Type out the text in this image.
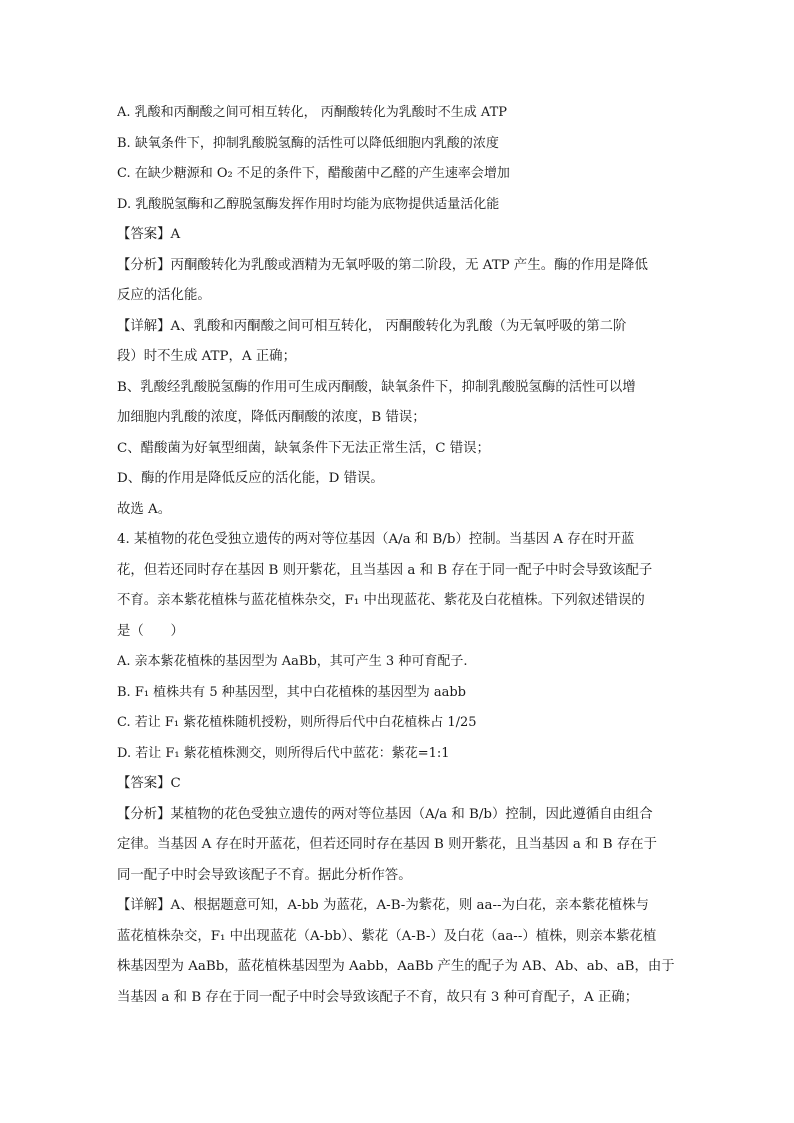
A. 乳酸和丙酮酸之间可相互转化， 丙酮酸转化为乳酸时不生成 ATP
B. 缺氧条件下，抑制乳酸脱氢酶的活性可以降低细胞内乳酸的浓度
C. 在缺少糖源和 O₂ 不足的条件下，醋酸菌中乙醛的产生速率会增加
D. 乳酸脱氢酶和乙醇脱氢酶发挥作用时均能为底物提供适量活化能
【答案】A
【分析】丙酮酸转化为乳酸或酒精为无氧呼吸的第二阶段，无 ATP 产生。酶的作用是降低
反应的活化能。
【详解】A、乳酸和丙酮酸之间可相互转化， 丙酮酸转化为乳酸（为无氧呼吸的第二阶
段）时不生成 ATP，A 正确；
B、乳酸经乳酸脱氢酶的作用可生成丙酮酸，缺氧条件下，抑制乳酸脱氢酶的活性可以增
加细胞内乳酸的浓度，降低丙酮酸的浓度，B 错误；
C、醋酸菌为好氧型细菌，缺氧条件下无法正常生活，C 错误；
D、酶的作用是降低反应的活化能，D 错误。
故选 A。
4. 某植物的花色受独立遗传的两对等位基因（A/a 和 B/b）控制。当基因 A 存在时开蓝
花，但若还同时存在基因 B 则开紫花，且当基因 a 和 B 存在于同一配子中时会导致该配子
不育。亲本紫花植株与蓝花植株杂交，F₁ 中出现蓝花、紫花及白花植株。下列叙述错误的
是（　　）
A. 亲本紫花植株的基因型为 AaBb，其可产生 3 种可育配子.
B. F₁ 植株共有 5 种基因型，其中白花植株的基因型为 aabb
C. 若让 F₁ 紫花植株随机授粉，则所得后代中白花植株占 1/25
D. 若让 F₁ 紫花植株测交，则所得后代中蓝花：紫花=1:1
【答案】C
【分析】某植物的花色受独立遗传的两对等位基因（A/a 和 B/b）控制，因此遵循自由组合
定律。当基因 A 存在时开蓝花，但若还同时存在基因 B 则开紫花，且当基因 a 和 B 存在于
同一配子中时会导致该配子不育。据此分析作答。
【详解】A、根据题意可知，A-bb 为蓝花，A-B-为紫花，则 aa--为白花，亲本紫花植株与
蓝花植株杂交，F₁ 中出现蓝花（A-bb）、紫花（A-B-）及白花（aa--）植株，则亲本紫花植
株基因型为 AaBb，蓝花植株基因型为 Aabb，AaBb 产生的配子为 AB、Ab、ab、aB，由于
当基因 a 和 B 存在于同一配子中时会导致该配子不育，故只有 3 种可育配子，A 正确；
